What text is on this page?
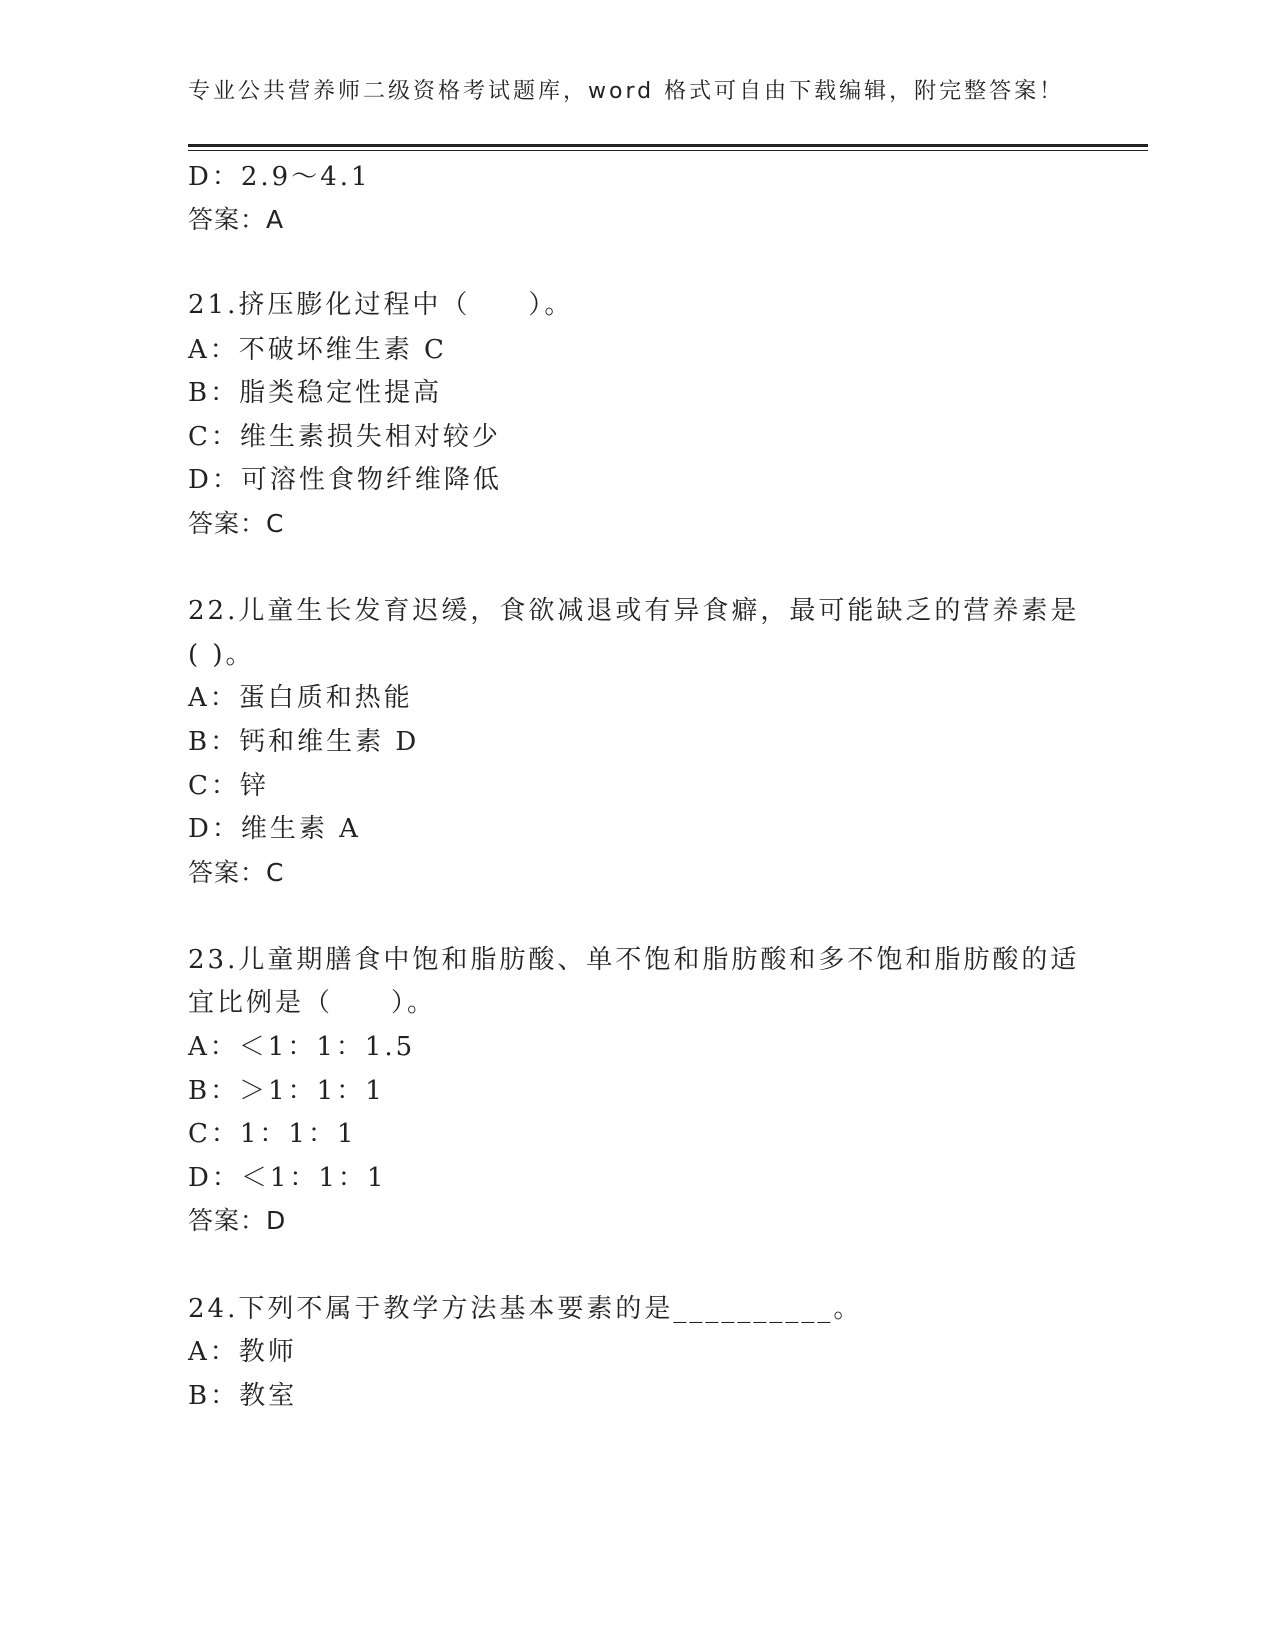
专业公共营养师二级资格考试题库，word 格式可自由下载编辑，附完整答案！
D：2.9～4.1
答案：A
21.挤压膨化过程中（　　）。
A：不破坏维生素 C
B：脂类稳定性提高
C：维生素损失相对较少
D：可溶性食物纤维降低
答案：C
22.儿童生长发育迟缓，食欲减退或有异食癖，最可能缺乏的营养素是
( )。
A：蛋白质和热能
B：钙和维生素 D
C：锌
D：维生素 A
答案：C
23.儿童期膳食中饱和脂肪酸、单不饱和脂肪酸和多不饱和脂肪酸的适
宜比例是（　　）。
A：＜1：1：1.5
B：＞1：1：1
C：1：1：1
D：＜1：1：1
答案：D
24.下列不属于教学方法基本要素的是__________。
A：教师
B：教室
